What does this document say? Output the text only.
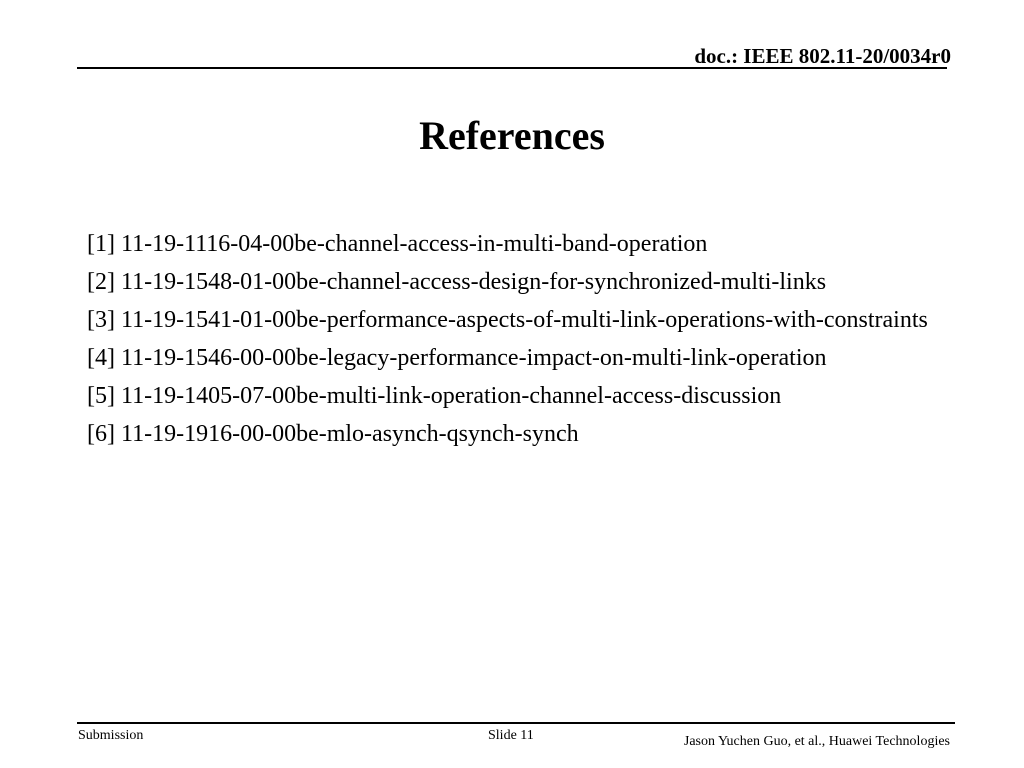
doc.: IEEE 802.11-20/0034r0
References
[1] 11-19-1116-04-00be-channel-access-in-multi-band-operation
[2] 11-19-1548-01-00be-channel-access-design-for-synchronized-multi-links
[3] 11-19-1541-01-00be-performance-aspects-of-multi-link-operations-with-constraints
[4] 11-19-1546-00-00be-legacy-performance-impact-on-multi-link-operation
[5] 11-19-1405-07-00be-multi-link-operation-channel-access-discussion
[6] 11-19-1916-00-00be-mlo-asynch-qsynch-synch
Submission	Slide 11	Jason Yuchen Guo, et al., Huawei Technologies
